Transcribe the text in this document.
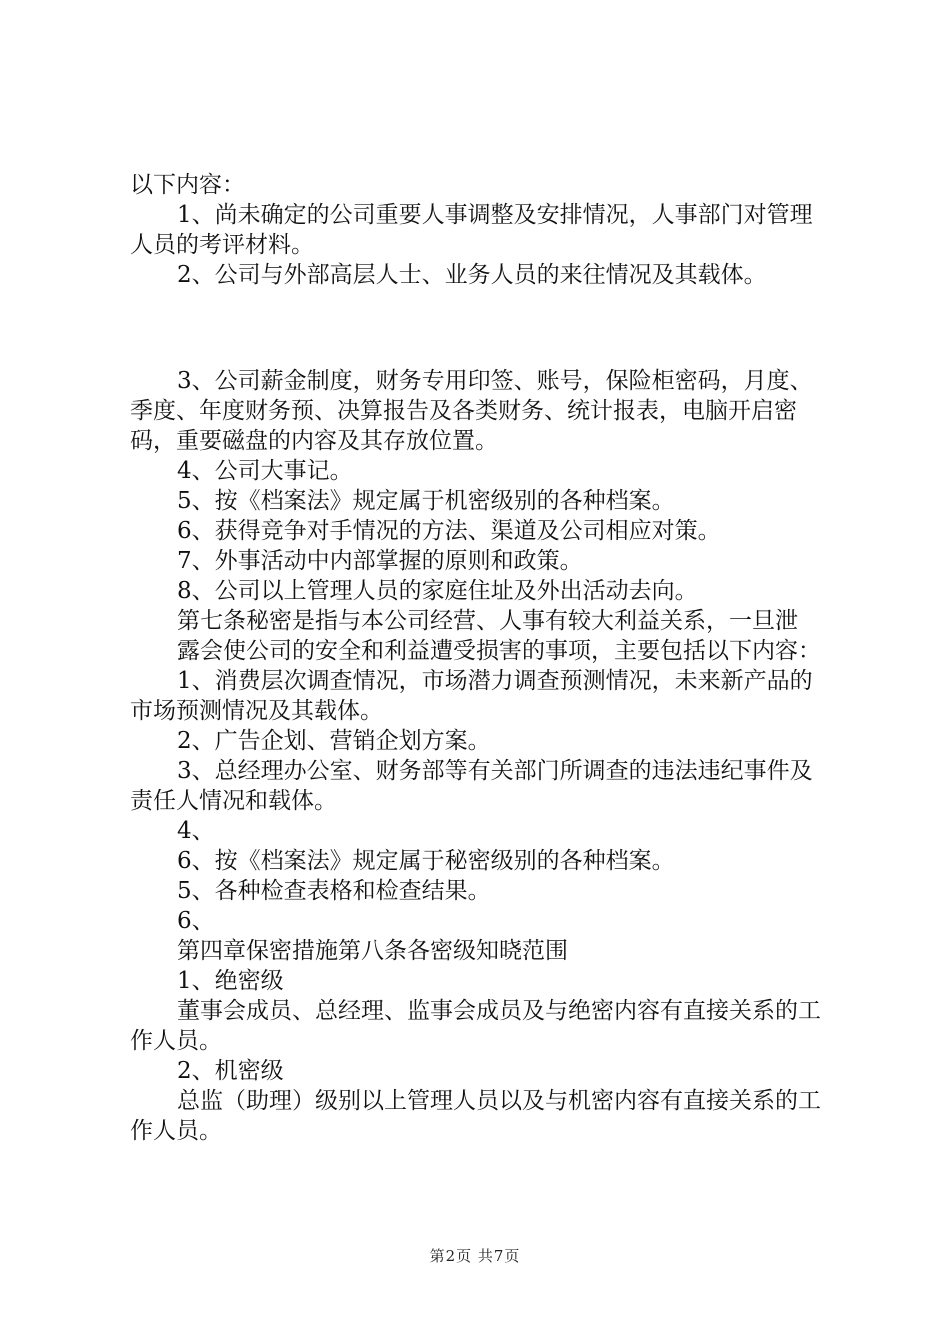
以下内容：

1、尚未确定的公司重要人事调整及安排情况，人事部门对管理人员的考评材料。

2、公司与外部高层人士、业务人员的来往情况及其载体。

3、公司薪金制度，财务专用印签、账号，保险柜密码，月度、季度、年度财务预、决算报告及各类财务、统计报表，电脑开启密码，重要磁盘的内容及其存放位置。

4、公司大事记。

5、按《档案法》规定属于机密级别的各种档案。

6、获得竞争对手情况的方法、渠道及公司相应对策。

7、外事活动中内部掌握的原则和政策。

8、公司以上管理人员的家庭住址及外出活动去向。

第七条秘密是指与本公司经营、人事有较大利益关系，一旦泄

露会使公司的安全和利益遭受损害的事项，主要包括以下内容：

1、消费层次调查情况，市场潜力调查预测情况，未来新产品的市场预测情况及其载体。

2、广告企划、营销企划方案。

3、总经理办公室、财务部等有关部门所调查的违法违纪事件及责任人情况和载体。

4、

6、按《档案法》规定属于秘密级别的各种档案。

5、各种检查表格和检查结果。

6、

第四章保密措施第八条各密级知晓范围

1、绝密级

董事会成员、总经理、监事会成员及与绝密内容有直接关系的工作人员。

2、机密级

总监（助理）级别以上管理人员以及与机密内容有直接关系的工作人员。

第2页 共7页
